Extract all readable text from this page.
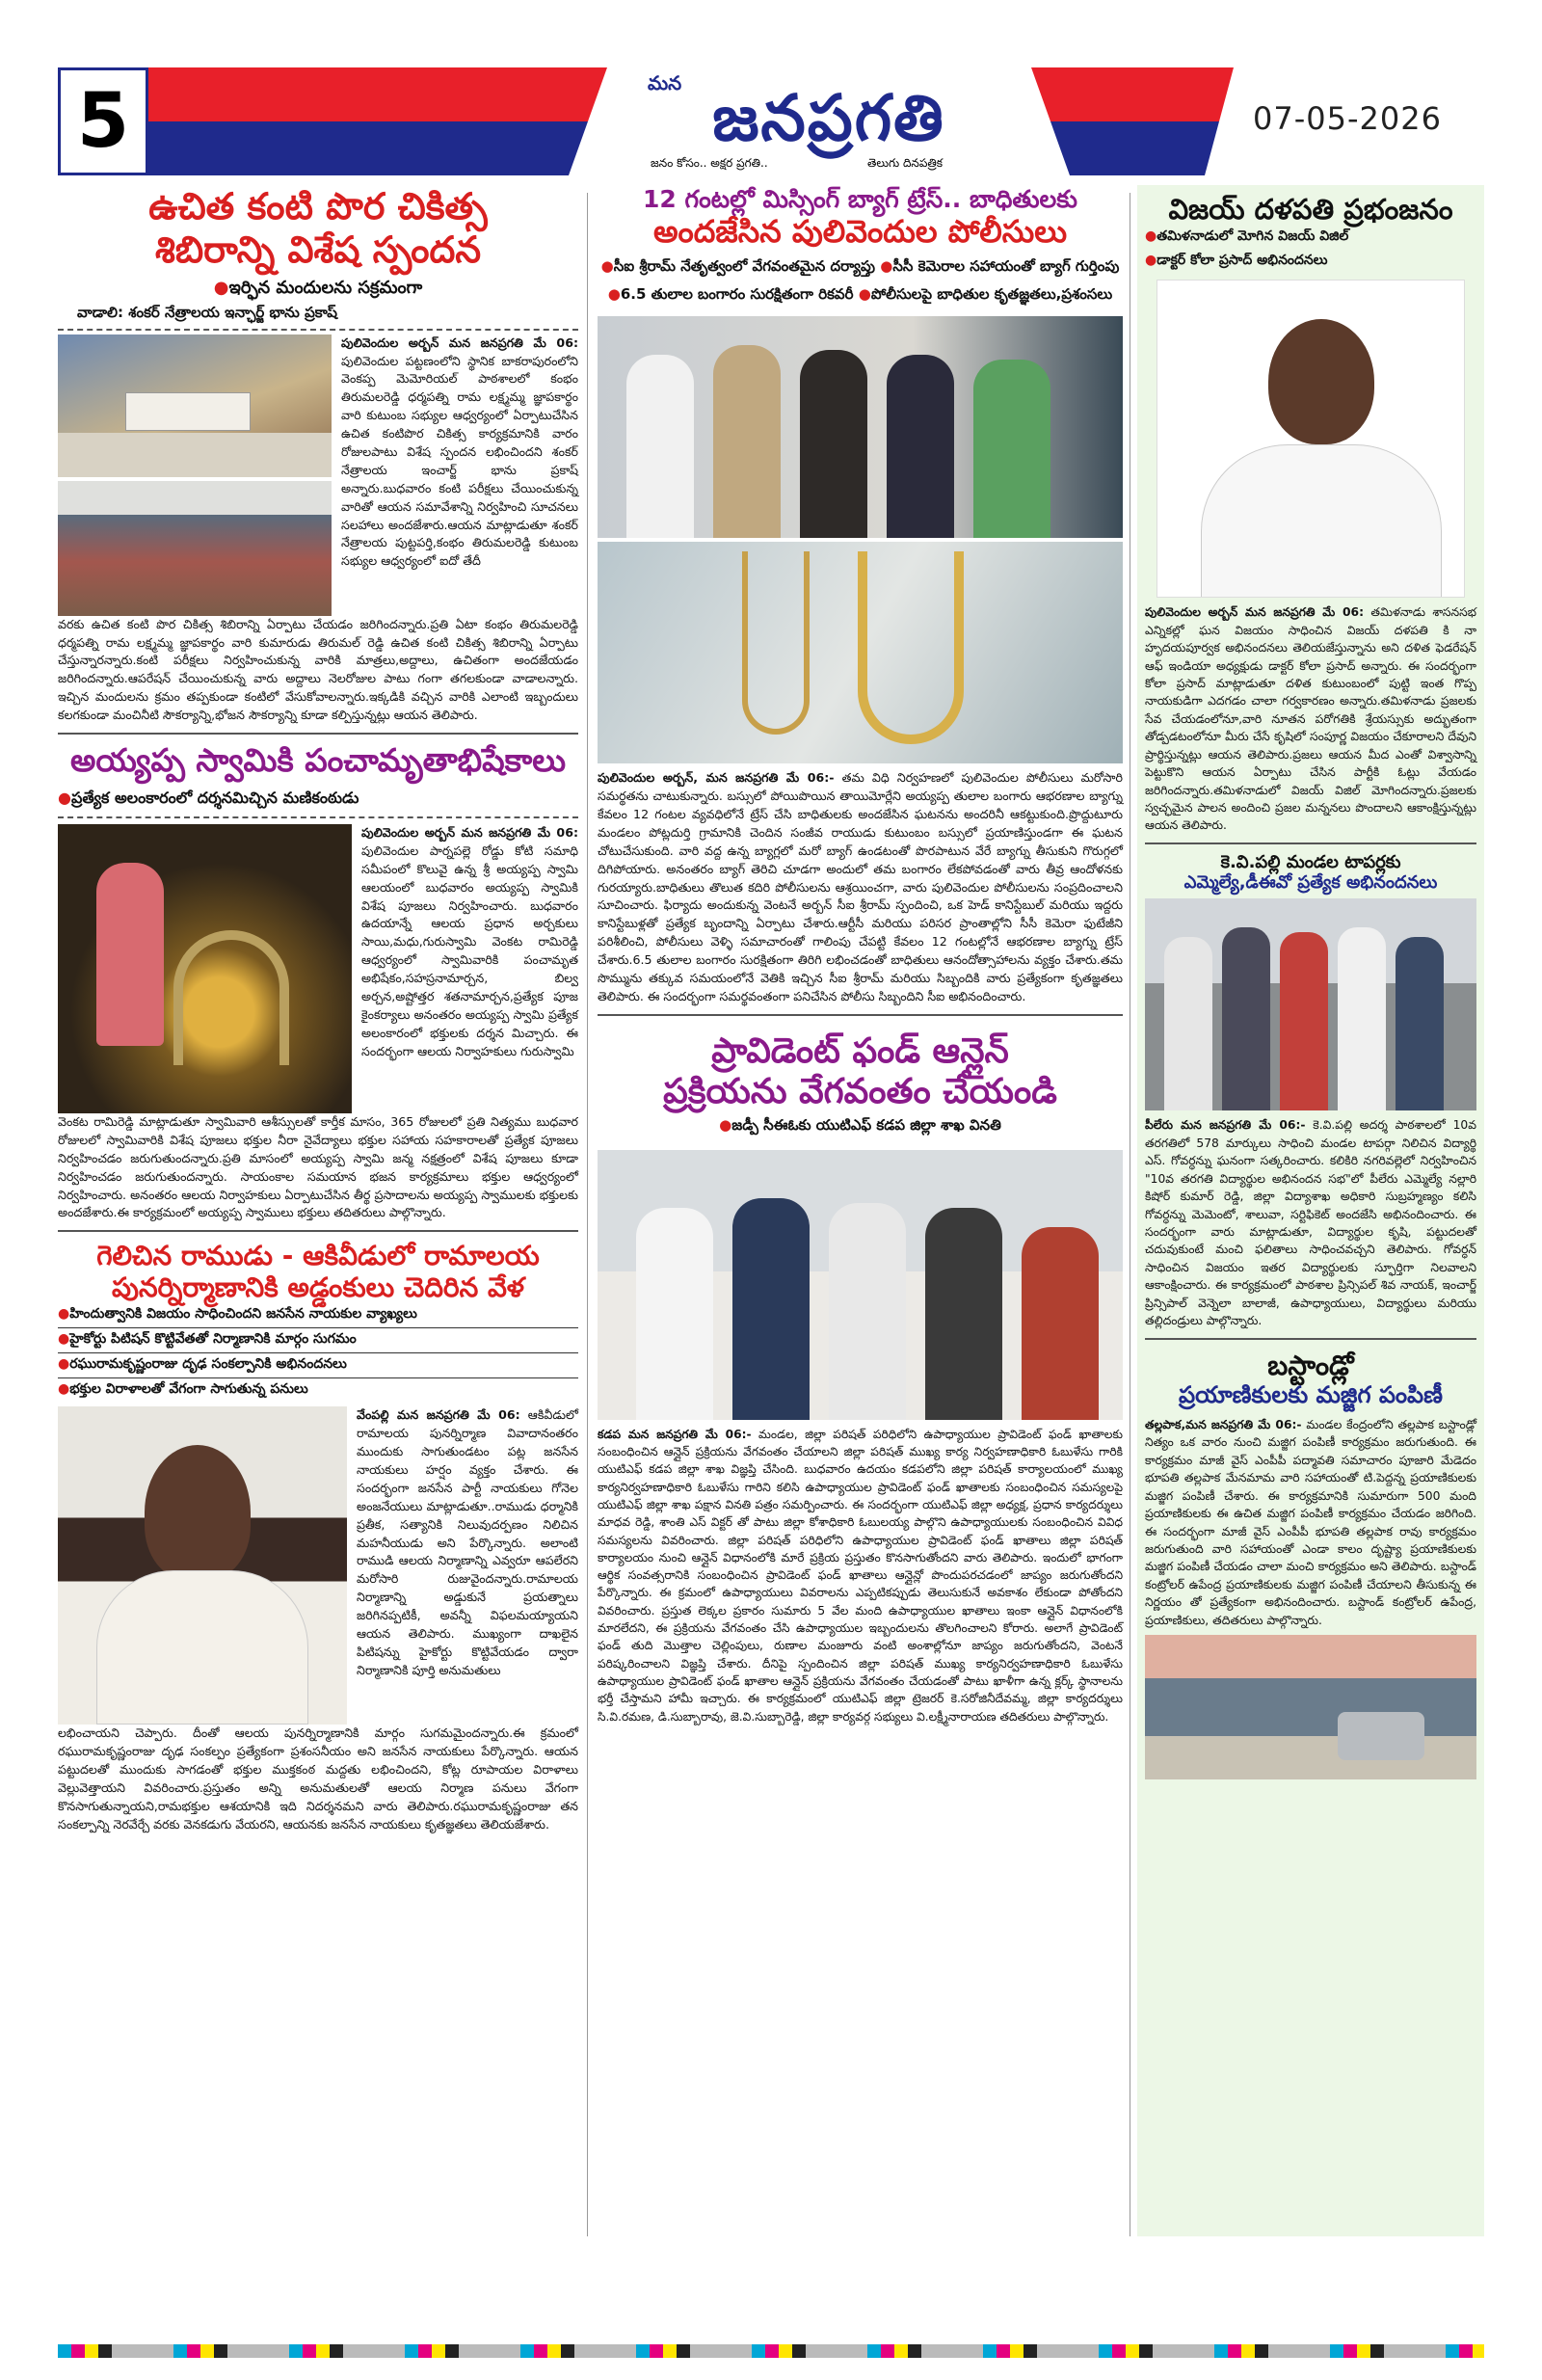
5	మన జనప్రగతి
జనం కోసం.. అక్షర ప్రగతి..	తెలుగు దినపత్రిక
07-05-2026
ఉచిత కంటి పొర చికిత్స
శిబిరాన్ని విశేష స్పందన
●ఇర్ఫిన మందులను సక్రమంగా
వాడాలి: శంకర్ నేత్రాలయ ఇన్ఛార్జ్ భాను ప్రకాష్
పులివెందుల అర్బన్ మన జనప్రగతి మే 06: పులివెందుల పట్టణంలోని స్థానిక బాకరాపురంలోని వెంకప్ప మెమోరియల్ పాఠశాలలో కంభం తిరుమలరెడ్డి ధర్మపత్ని రామ లక్ష్మమ్మ జ్ఞాపకార్థం వారి కుటుంబ సభ్యుల ఆధ్వర్యంలో ఏర్పాటుచేసిన ఉచిత కంటిపొర చికిత్స కార్యక్రమానికి వారం రోజులపాటు విశేష స్పందన లభించిందని శంకర్ నేత్రాలయ ఇంచార్జ్ భాను ప్రకాష్ అన్నారు.బుధవారం కంటి పరీక్షలు చేయించుకున్న వారితో ఆయన సమావేశాన్ని నిర్వహించి సూచనలు సలహాలు అందజేశారు.ఆయన మాట్లాడుతూ శంకర్ నేత్రాలయ పుట్టపర్తి,కంభం తిరుమలరెడ్డి కుటుంబ సభ్యుల ఆధ్వర్యంలో ఐదో తేదీ
వరకు ఉచిత కంటి పొర చికిత్స శిబిరాన్ని ఏర్పాటు చేయడం జరిగిందన్నారు.ప్రతి ఏటా కంభం తిరుమలరెడ్డి ధర్మపత్ని రామ లక్ష్మమ్మ జ్ఞాపకార్థం వారి కుమారుడు తిరుమల్ రెడ్డి ఉచిత కంటి చికిత్స శిబిరాన్ని ఏర్పాటు చేస్తున్నారన్నారు.కంటి పరీక్షలు నిర్వహించుకున్న వారికి మాత్రలు,అద్దాలు, ఉచితంగా అందజేయడం జరిగిందన్నారు.ఆపరేషన్ చేయించుకున్న వారు అద్దాలు నెలరోజుల పాటు గంగా తగలకుండా వాడాలన్నారు. ఇచ్చిన మందులను క్రమం తప్పకుండా కంటిలో వేసుకోవాలన్నారు.ఇక్కడికి వచ్చిన వారికి ఎలాంటి ఇబ్బందులు కలగకుండా మంచినీటి సౌకర్యాన్ని,భోజన సౌకర్యాన్ని కూడా కల్పిస్తున్నట్లు ఆయన తెలిపారు.
అయ్యప్ప స్వామికి పంచామృతాభిషేకాలు
●ప్రత్యేక అలంకారంలో దర్శనమిచ్చిన మణికంఠుడు
పులివెందుల అర్బన్ మన జనప్రగతి మే 06: పులివెందుల పార్నపల్లె రోడ్డు కోటి సమాధి సమీపంలో కొలువై ఉన్న శ్రీ అయ్యప్ప స్వామి ఆలయంలో బుధవారం అయ్యప్ప స్వామికి విశేష పూజలు నిర్వహించారు. బుధవారం ఉదయాన్నే ఆలయ ప్రధాన అర్చకులు సాయి,మధు,గురుస్వామి వెంకట రామిరెడ్డి ఆధ్వర్యంలో స్వామివారికి పంచామృత అభిషేకం,సహస్రనామార్చన, బిల్వ అర్చన,అష్టోత్తర శతనామార్చన,ప్రత్యేక పూజ కైంకర్యాలు అనంతరం అయ్యప్ప స్వామి ప్రత్యేక అలంకారంలో భక్తులకు దర్శన మిచ్చారు. ఈ సందర్భంగా ఆలయ నిర్వాహకులు గురుస్వామి
వెంకట రామిరెడ్డి మాట్లాడుతూ స్వామివారి ఆశీస్సులతో కార్తీక మాసం, 365 రోజులలో ప్రతి నిత్యము బుధవార రోజులలో స్వామివారికి విశేష పూజలు భక్తుల నీరా నైవేద్యాలు భక్తుల సహాయ సహకారాలతో ప్రత్యేక పూజలు నిర్వహించడం జరుగుతుందన్నారు.ప్రతి మాసంలో అయ్యప్ప స్వామి జన్మ నక్షత్రంలో విశేష పూజలు కూడా నిర్వహించడం జరుగుతుందన్నారు. సాయంకాల సమయాన భజన కార్యక్రమాలు భక్తుల ఆధ్వర్యంలో నిర్వహించారు. అనంతరం ఆలయ నిర్వాహకులు ఏర్పాటుచేసిన తీర్థ ప్రసాదాలను అయ్యప్ప స్వాములకు భక్తులకు అందజేశారు.ఈ కార్యక్రమంలో అయ్యప్ప స్వాములు భక్తులు తదితరులు పాల్గొన్నారు.
గెలిచిన రాముడు - ఆకివీడులో రామాలయ
పునర్నిర్మాణానికి అడ్డంకులు చెదిరిన వేళ
●హిందుత్వానికి విజయం సాధించిందని జనసేన నాయకుల వ్యాఖ్యలు
●హైకోర్టు పిటిషన్ కొట్టివేతతో నిర్మాణానికి మార్గం సుగమం
●రఘురామకృష్ణంరాజు దృఢ సంకల్పానికి అభినందనలు
●భక్తుల విరాళాలతో వేగంగా సాగుతున్న పనులు
వేంపల్లి మన జనప్రగతి మే 06: ఆకివీడులో రామాలయ పునర్నిర్మాణ వివాదానంతరం ముందుకు సాగుతుండటం పట్ల జనసేన నాయకులు హర్షం వ్యక్తం చేశారు. ఈ సందర్భంగా జనసేన పార్టీ నాయకులు గోనెల అంజనేయులు మాట్లాడుతూ..రాముడు ధర్మానికి ప్రతీక, సత్యానికి నిలువుదర్పణం నిలిచిన మహనీయుడు అని పేర్కొన్నారు. అలాంటి రాముడి ఆలయ నిర్మాణాన్ని ఎవ్వరూ ఆపలేరని మరోసారి రుజువైందన్నారు.రామాలయ నిర్మాణాన్ని అడ్డుకునే ప్రయత్నాలు జరిగినప్పటికీ, అవన్నీ విఫలమయ్యాయని ఆయన తెలిపారు. ముఖ్యంగా దాఖలైన పిటిషన్ను హైకోర్టు కొట్టివేయడం ద్వారా నిర్మాణానికి పూర్తి అనుమతులు
లభించాయని చెప్పారు. దీంతో ఆలయ పునర్నిర్మాణానికి మార్గం సుగమమైందన్నారు.ఈ క్రమంలో రఘురామకృష్ణంరాజు దృఢ సంకల్పం ప్రత్యేకంగా ప్రశంసనీయం అని జనసేన నాయకులు పేర్కొన్నారు. ఆయన పట్టుదలతో ముందుకు సాగడంతో భక్తుల ముక్తకంఠ మద్దతు లభించిందని, కోట్ల రూపాయల విరాళాలు వెల్లువెత్తాయని వివరించారు.ప్రస్తుతం అన్ని అనుమతులతో ఆలయ నిర్మాణ పనులు వేగంగా కొనసాగుతున్నాయని,రామభక్తుల ఆశయానికి ఇది నిదర్శనమని వారు తెలిపారు.రఘురామకృష్ణంరాజు తన సంకల్పాన్ని నెరవేర్చే వరకు వెనకడుగు వేయరని, ఆయనకు జనసేన నాయకులు కృతజ్ఞతలు తెలియజేశారు.
12 గంటల్లో మిస్సింగ్ బ్యాగ్ ట్రేస్.. బాధితులకు
అందజేసిన పులివెందుల పోలీసులు
●సీఐ శ్రీరామ్ నేతృత్వంలో వేగవంతమైన దర్యాప్తు ●సీసీ కెమెరాల సహాయంతో బ్యాగ్ గుర్తింపు ●6.5 తులాల బంగారం సురక్షితంగా రికవరీ ●పోలీసులపై బాధితుల కృతజ్ఞతలు,ప్రశంసలు
పులివెందుల అర్బన్, మన జనప్రగతి మే 06:- తమ విధి నిర్వహణలో పులివెందుల పోలీసులు మరోసారి సమర్థతను చాటుకున్నారు. బస్సులో పోయిపొయిన తాయిమోర్లేని అయ్యప్ప తులాల బంగారు ఆభరణాల బ్యాగ్ను కేవలం 12 గంటల వ్యవధిలోనే ట్రేస్ చేసి బాధితులకు అందజేసిన ఘటనను అందరినీ ఆకట్టుకుంది.ప్రొద్దుటూరు మండలం పోట్లదుర్తి గ్రామానికి చెందిన సంజీవ రాయుడు కుటుంబం బస్సులో ప్రయాణిస్తుండగా ఈ ఘటన చోటుచేసుకుంది. వారి వద్ద ఉన్న బ్యాగ్లలో మరో బ్యాగ్ ఉండటంతో పొరపాటున వేరే బ్యాగ్ను తీసుకుని గొరుగ్గలో దిగిపోయారు. అనంతరం బ్యాగ్ తెరిచి చూడగా అందులో తమ బంగారం లేకపోవడంతో వారు తీవ్ర ఆందోళనకు గురయ్యారు.బాధితులు తొలుత కదిరి పోలీసులను ఆశ్రయించగా, వారు పులివెందుల పోలీసులను సంప్రదించాలని సూచించారు. ఫిర్యాదు అందుకున్న వెంటనే అర్బన్ సీఐ శ్రీరామ్ స్పందించి, ఒక హెడ్ కానిస్టేబుల్ మరియు ఇద్దరు కానిస్టేబుళ్లతో ప్రత్యేక బృందాన్ని ఏర్పాటు చేశారు.ఆర్టీసీ మరియు పరిసర ప్రాంతాల్లోని సీసీ కెమెరా ఫుటేజీని పరిశీలించి, పోలీసులు వెళ్ళి సమాచారంతో గాలింపు చేపట్టి కేవలం 12 గంటల్లోనే ఆభరణాల బ్యాగ్ను ట్రేస్ చేశారు.6.5 తులాల బంగారం సురక్షితంగా తిరిగి లభించడంతో బాధితులు ఆనందోత్సాహాలను వ్యక్తం చేశారు.తమ సొమ్మును తక్కువ సమయంలోనే వెతికి ఇచ్చిన సీఐ శ్రీరామ్ మరియు సిబ్బందికి వారు ప్రత్యేకంగా కృతజ్ఞతలు తెలిపారు. ఈ సందర్భంగా సమర్థవంతంగా పనిచేసిన పోలీసు సిబ్బందిని సీఐ అభినందించారు.
ప్రావిడెంట్ ఫండ్ ఆన్లైన్
ప్రక్రియను వేగవంతం చేయండి
●జడ్పీ సీఈఓకు యుటిఎఫ్ కడప జిల్లా శాఖ వినతి
కడప మన జనప్రగతి మే 06:- మండల, జిల్లా పరిషత్ పరిధిలోని ఉపాధ్యాయుల ప్రావిడెంట్ ఫండ్ ఖాతాలకు సంబంధించిన ఆన్లైన్ ప్రక్రియను వేగవంతం చేయాలని జిల్లా పరిషత్ ముఖ్య కార్య నిర్వహణాధికారి ఓబుళేసు గారికి యుటిఎఫ్ కడప జిల్లా శాఖ విజ్ఞప్తి చేసింది. బుధవారం ఉదయం కడపలోని జిల్లా పరిషత్ కార్యాలయంలో ముఖ్య కార్యనిర్వహణాధికారి ఓబుళేసు గారిని కలిసి ఉపాధ్యాయుల ప్రావిడెంట్ ఫండ్ ఖాతాలకు సంబంధించిన సమస్యలపై యుటిఎఫ్ జిల్లా శాఖ పక్షాన వినతి పత్రం సమర్పించారు. ఈ సందర్భంగా యుటిఎఫ్ జిల్లా అధ్యక్ష, ప్రధాన కార్యదర్శులు మాధవ రెడ్డి, శాంతి ఎస్ విక్టర్ తో పాటు జిల్లా కోశాధికారి ఓబులయ్య పాల్గొని ఉపాధ్యాయులకు సంబంధించిన వివిధ సమస్యలను వివరించారు. జిల్లా పరిషత్ పరిధిలోని ఉపాధ్యాయుల ప్రావిడెంట్ ఫండ్ ఖాతాలు జిల్లా పరిషత్ కార్యాలయం నుంచి ఆన్లైన్ విధానంలోకి మారే ప్రక్రియ ప్రస్తుతం కొనసాగుతోందని వారు తెలిపారు. ఇందులో భాగంగా ఆర్థిక సంవత్సరానికి సంబంధించిన ప్రావిడెంట్ ఫండ్ ఖాతాలు ఆన్లైన్లో పొందుపరచడంలో జాప్యం జరుగుతోందని పేర్కొన్నారు. ఈ క్రమంలో ఉపాధ్యాయులు వివరాలను ఎప్పటికప్పుడు తెలుసుకునే అవకాశం లేకుండా పోతోందని వివరించారు. ప్రస్తుత లెక్కల ప్రకారం సుమారు 5 వేల మంది ఉపాధ్యాయుల ఖాతాలు ఇంకా ఆన్లైన్ విధానంలోకి మారలేదని, ఈ ప్రక్రియను వేగవంతం చేసి ఉపాధ్యాయుల ఇబ్బందులను తొలగించాలని కోరారు. అలాగే ప్రావిడెంట్ ఫండ్ తుది మొత్తాల చెల్లింపులు, రుణాల మంజూరు వంటి అంశాల్లోనూ జాప్యం జరుగుతోందని, వెంటనే పరిష్కరించాలని విజ్ఞప్తి చేశారు. దీనిపై స్పందించిన జిల్లా పరిషత్ ముఖ్య కార్యనిర్వహణాధికారి ఓబుళేసు ఉపాధ్యాయుల ప్రావిడెంట్ ఫండ్ ఖాతాల ఆన్లైన్ ప్రక్రియను వేగవంతం చేయడంతో పాటు ఖాళీగా ఉన్న క్లర్క్ స్థానాలను భర్తీ చేస్తామని హామీ ఇచ్చారు. ఈ కార్యక్రమంలో యుటిఎఫ్ జిల్లా ట్రెజరర్ కె.సరోజినీదేవమ్మ, జిల్లా కార్యదర్శులు సి.వి.రమణ, డి.సుబ్బారావు, జె.వి.సుబ్బారెడ్డి, జిల్లా కార్యవర్గ సభ్యులు వి.లక్ష్మీనారాయణ తదితరులు పాల్గొన్నారు.
విజయ్ దళపతి ప్రభంజనం
●తమిళనాడులో మోగిన విజయ్ విజిల్
●డాక్టర్ కోలా ప్రసాద్ అభినందనలు
పులివెందుల అర్బన్ మన జనప్రగతి మే 06: తమిళనాడు శాసనసభ ఎన్నికల్లో ఘన విజయం సాధించిన విజయ్ దళపతి కి నా హృదయపూర్వక అభినందనలు తెలియజేస్తున్నాను అని దళిత ఫెడరేషన్ ఆఫ్ ఇండియా అధ్యక్షుడు డాక్టర్ కోలా ప్రసాద్ అన్నారు. ఈ సందర్భంగా కోలా ప్రసాద్ మాట్లాడుతూ దళిత కుటుంబంలో పుట్టి ఇంత గొప్ప నాయకుడిగా ఎదగడం చాలా గర్వకారణం అన్నారు.తమిళనాడు ప్రజలకు సేవ చేయడంలోనూ,వారి నూతన పరోగతికి శ్రేయస్సుకు అద్భుతంగా తోడ్పడటంలోనూ మీరు చేసే కృషిలో సంపూర్ణ విజయం చేకూరాలని దేవుని ప్రార్థిస్తున్నట్లు ఆయన తెలిపారు.ప్రజలు ఆయన మీద ఎంతో విశ్వాసాన్ని పెట్టుకొని ఆయన ఏర్పాటు చేసిన పార్టీకి ఓట్లు వేయడం జరిగిందన్నారు.తమిళనాడులో విజయ్ విజిల్ మోగిందన్నారు.ప్రజలకు స్వచ్ఛమైన పాలన అందించి ప్రజల మన్ననలు పొందాలని ఆకాంక్షిస్తున్నట్లు ఆయన తెలిపారు.
కె.వి.పల్లి మండల టాపర్లకు
ఎమ్మెల్యే,డీఈవో ప్రత్యేక అభినందనలు
పీలేరు మన జనప్రగతి మే 06:- కె.వి.పల్లి అదర్శ పాఠశాలలో 10వ తరగతిలో 578 మార్కులు సాధించి మండల టాపర్గా నిలిచిన విద్యార్థి ఎస్. గోవర్ధన్ను ఘనంగా సత్కరించారు. కలికిరి నగరివల్లెలో నిర్వహించిన "10వ తరగతి విద్యార్థుల అభినందన సభ"లో పీలేరు ఎమ్మెల్యే నల్లారి కిషోర్ కుమార్ రెడ్డి, జిల్లా విద్యాశాఖ అధికారి సుబ్రహ్మణ్యం కలిసి గోవర్ధన్ను మెమెంటో, శాలువా, సర్టిఫికెట్ అందజేసి అభినందించారు. ఈ సందర్భంగా వారు మాట్లాడుతూ, విద్యార్థుల కృషి, పట్టుదలతో చదువుకుంటే మంచి ఫలితాలు సాధించవచ్చని తెలిపారు. గోవర్ధన్ సాధించిన విజయం ఇతర విద్యార్థులకు స్ఫూర్తిగా నిలవాలని ఆకాంక్షించారు. ఈ కార్యక్రమంలో పాఠశాల ప్రిన్సిపల్ శివ నాయక్, ఇంచార్జ్ ప్రిన్సిపాల్ వెన్నెలా బాలాజీ, ఉపాధ్యాయులు, విద్యార్థులు మరియు తల్లిదండ్రులు పాల్గొన్నారు.
బస్టాండ్లో
ప్రయాణికులకు మజ్జిగ పంపిణీ
తల్లపాక,మన జనప్రగతి మే 06:- మండల కేంద్రంలోని తల్లపాక బస్టాండ్లో నిత్యం ఒక వారం నుంచి మజ్జిగ పంపిణీ కార్యక్రమం జరుగుతుంది. ఈ కార్యక్రమం మాజీ వైస్ ఎంపీపీ పద్మావతి సమాచారం పూజారి మేడెదం భూపతి తల్లపాక మేనమామ వారి సహాయంతో టి.పెద్దన్న ప్రయాణికులకు మజ్జిగ పంపిణీ చేశారు. ఈ కార్యక్రమానికి సుమారుగా 500 మంది ప్రయాణికులకు ఈ ఉచిత మజ్జిగ పంపిణీ కార్యక్రమం చేయడం జరిగింది. ఈ సందర్భంగా మాజీ వైస్ ఎంపీపీ భూపతి తల్లపాక రావు కార్యక్రమం జరుగుతుంది వారి సహాయంతో ఎండా కాలం దృష్ట్యా ప్రయాణికులకు మజ్జిగ పంపిణీ చేయడం చాలా మంచి కార్యక్రమం అని తెలిపారు. బస్టాండ్ కంట్రోలర్ ఉపేంద్ర ప్రయాణికులకు మజ్జిగ పంపిణీ చేయాలని తీసుకున్న ఈ నిర్ణయం తో ప్రత్యేకంగా అభినందించారు. బస్టాండ్ కంట్రోలర్ ఉపేంద్ర, ప్రయాణికులు, తదితరులు పాల్గొన్నారు.
